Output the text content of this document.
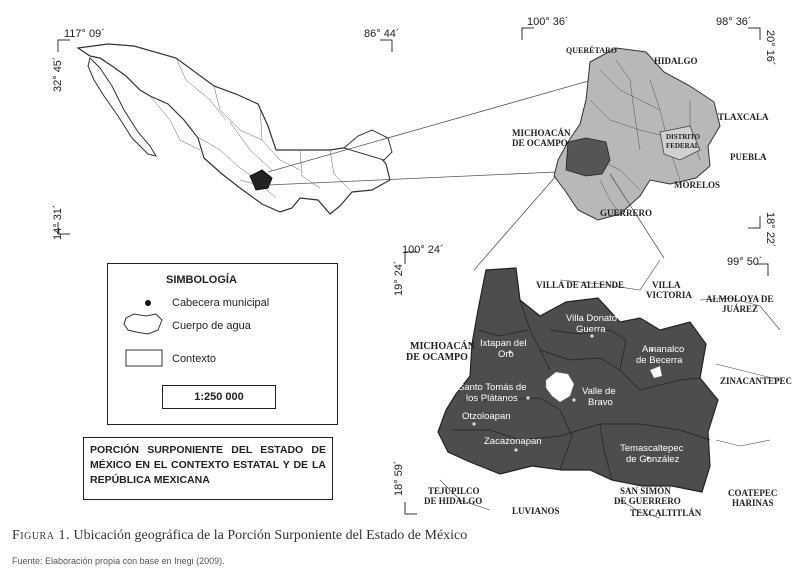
117° 09´
32° 45´
86° 44´
14° 31´
100° 36´	98° 36´
20° 16´
18° 22´
100° 24´
19° 24´	99° 50´
18° 59´
QUERÉTARO
HIDALGO
MICHOACÁN
DE OCAMPO
DISTRITO
FEDERAL
TLAXCALA
PUEBLA
MORELOS
GUERRERO
VILLA DE ALLENDE	VILLA
VICTORIA ALMOLOYA DE
JUÁREZ
MICHOACÁN
DE OCAMPO
ZINACANTEPEC
TEJUPILCO
DE HIDALGO
SAN SIMÓN
DE GUERRERO
COATEPEC
HARINAS
LUVIANOS	TEXCALTITLÁN
Villa Donato
Guerra
Ixtapan del
Oro	Amanalco
de Becerra
Santo Tomás de
los Plátanos
Valle de
Bravo
Otzoloapan
Zacazonapan
Temascaltepec
de González
SIMBOLOGÍA
Cabecera municipal
Cuerpo de agua
Contexto
1:250 000
PORCIÓN SURPONIENTE DEL ESTADO DE MÉXICO EN EL CONTEXTO ESTATAL Y DE LA REPÚBLICA MEXICANA
Figura 1. Ubicación geográfica de la Porción Surponiente del Estado de México
Fuente: Elaboración propia con base en Inegi (2009).
